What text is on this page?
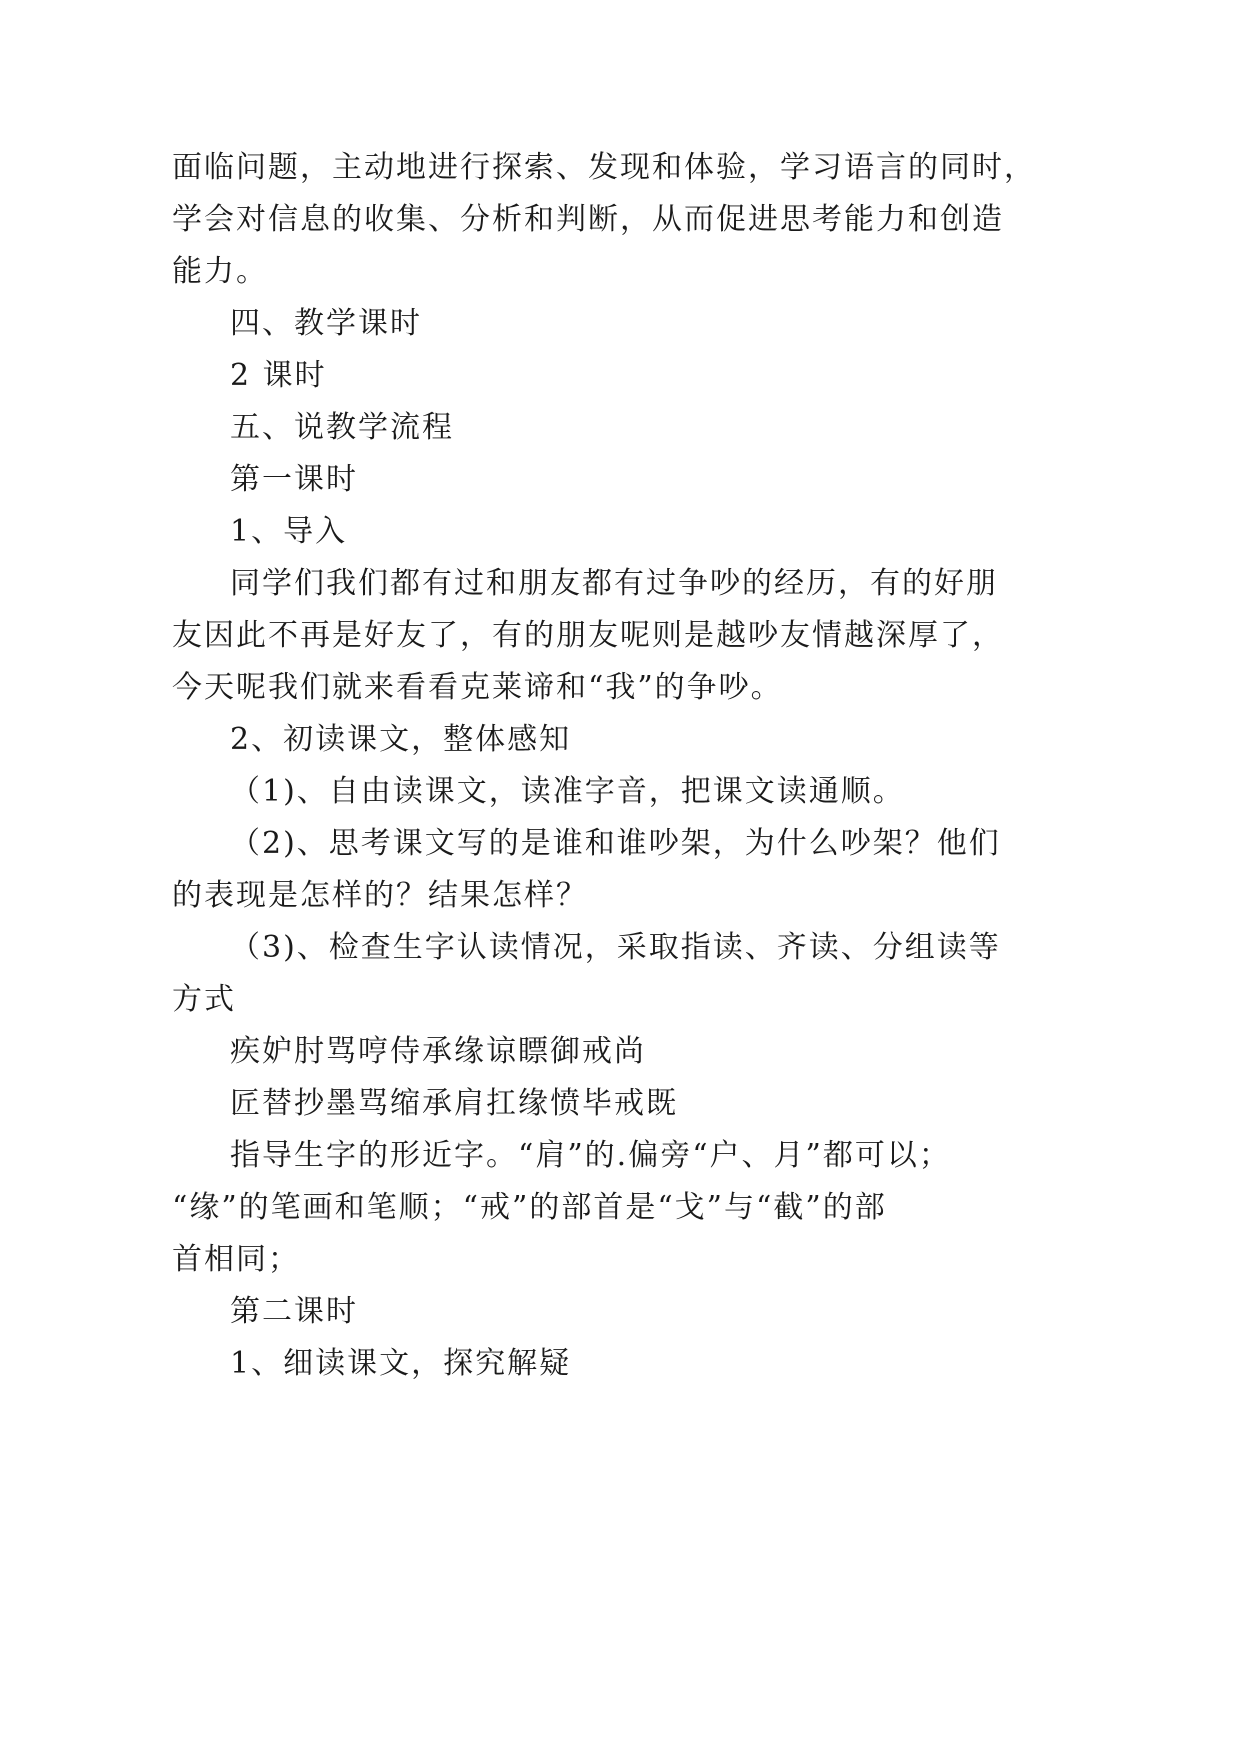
面临问题，主动地进行探索、发现和体验，学习语言的同时，
学会对信息的收集、分析和判断，从而促进思考能力和创造
能力。
四、教学课时
2 课时
五、说教学流程
第一课时
1、导入
同学们我们都有过和朋友都有过争吵的经历，有的好朋
友因此不再是好友了，有的朋友呢则是越吵友情越深厚了，
今天呢我们就来看看克莱谛和“我”的争吵。
2、初读课文，整体感知
（1)、自由读课文，读准字音，把课文读通顺。
（2)、思考课文写的是谁和谁吵架，为什么吵架？他们
的表现是怎样的？结果怎样？
（3)、检查生字认读情况，采取指读、齐读、分组读等
方式
疾妒肘骂哼侍承缘谅瞟御戒尚
匠替抄墨骂缩承肩扛缘愤毕戒既
指导生字的形近字。“肩”的.偏旁“户、月”都可以；
“缘”的笔画和笔顺；“戒”的部首是“戈”与“截”的部
首相同；
第二课时
1、细读课文，探究解疑
